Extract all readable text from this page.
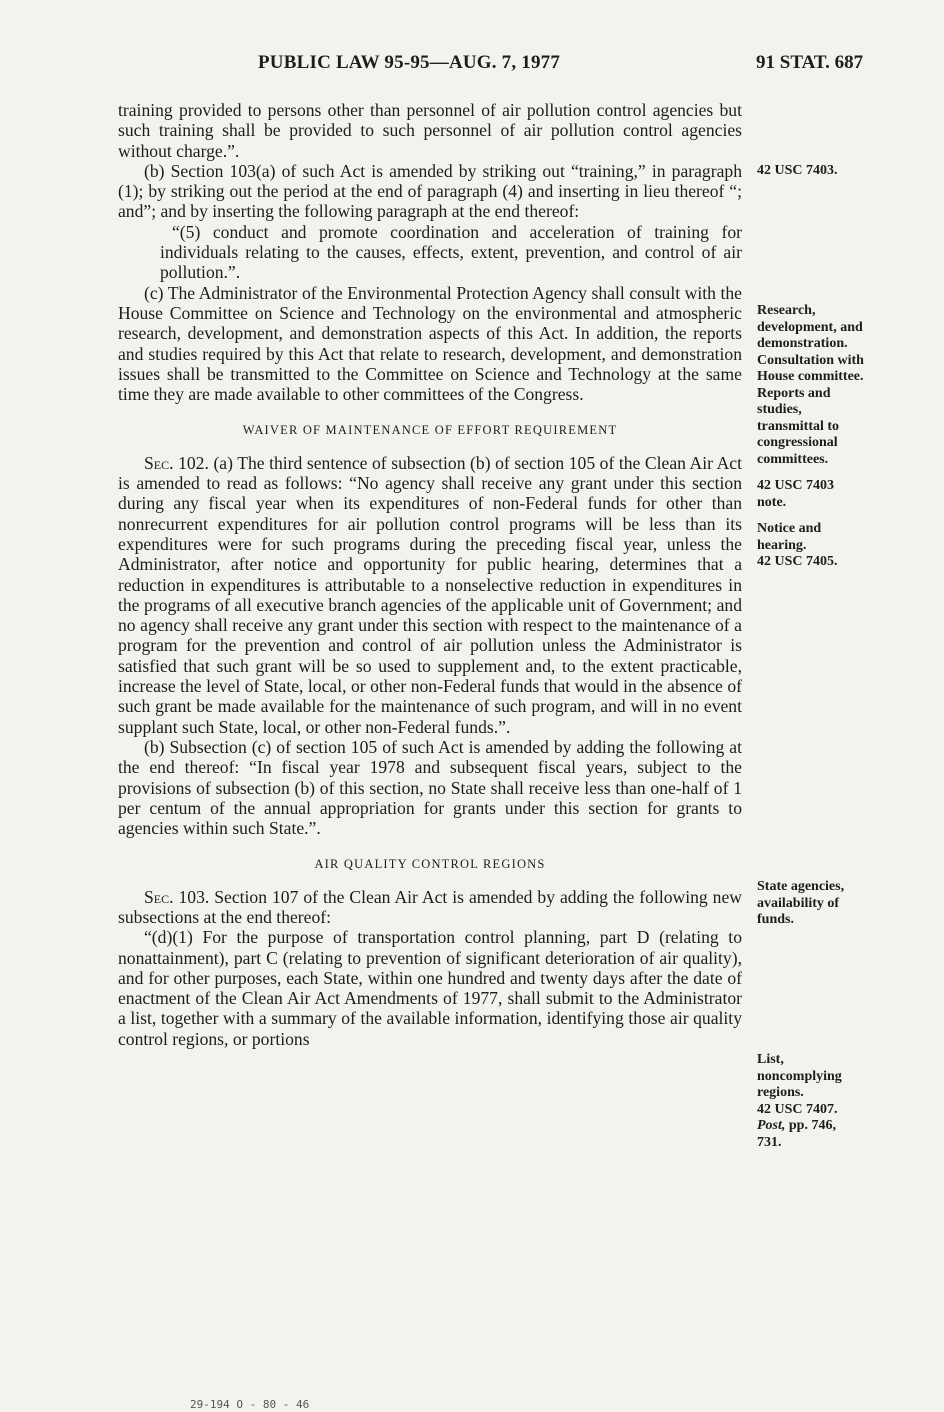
PUBLIC LAW 95-95—AUG. 7, 1977	91 STAT. 687

training provided to persons other than personnel of air pollution control agencies but such training shall be provided to such personnel of air pollution control agencies without charge.”.

(b) Section 103(a) of such Act is amended by striking out “training,” in paragraph (1); by striking out the period at the end of paragraph (4) and inserting in lieu thereof “; and”; and by inserting the following paragraph at the end thereof:

“(5) conduct and promote coordination and acceleration of training for individuals relating to the causes, effects, extent, prevention, and control of air pollution.”.

(c) The Administrator of the Environmental Protection Agency shall consult with the House Committee on Science and Technology on the environmental and atmospheric research, development, and demonstration aspects of this Act. In addition, the reports and studies required by this Act that relate to research, development, and demonstration issues shall be transmitted to the Committee on Science and Technology at the same time they are made available to other committees of the Congress.

WAIVER OF MAINTENANCE OF EFFORT REQUIREMENT

Sec. 102. (a) The third sentence of subsection (b) of section 105 of the Clean Air Act is amended to read as follows: “No agency shall receive any grant under this section during any fiscal year when its expenditures of non-Federal funds for other than nonrecurrent expenditures for air pollution control programs will be less than its expenditures were for such programs during the preceding fiscal year, unless the Administrator, after notice and opportunity for public hearing, determines that a reduction in expenditures is attributable to a nonselective reduction in expenditures in the programs of all executive branch agencies of the applicable unit of Government; and no agency shall receive any grant under this section with respect to the maintenance of a program for the prevention and control of air pollution unless the Administrator is satisfied that such grant will be so used to supplement and, to the extent practicable, increase the level of State, local, or other non-Federal funds that would in the absence of such grant be made available for the maintenance of such program, and will in no event supplant such State, local, or other non-Federal funds.”.

(b) Subsection (c) of section 105 of such Act is amended by adding the following at the end thereof: “In fiscal year 1978 and subsequent fiscal years, subject to the provisions of subsection (b) of this section, no State shall receive less than one-half of 1 per centum of the annual appropriation for grants under this section for grants to agencies within such State.”.

AIR QUALITY CONTROL REGIONS

Sec. 103. Section 107 of the Clean Air Act is amended by adding the following new subsections at the end thereof:

“(d)(1) For the purpose of transportation control planning, part D (relating to nonattainment), part C (relating to prevention of significant deterioration of air quality), and for other purposes, each State, within one hundred and twenty days after the date of enactment of the Clean Air Act Amendments of 1977, shall submit to the Administrator a list, together with a summary of the available information, identifying those air quality control regions, or portions

42 USC 7403.
Research,
development, and
demonstration.
Consultation with
House committee.
Reports and
studies,
transmittal to
congressional
committees.
42 USC 7403
note.
Notice and
hearing.
42 USC 7405.
State agencies,
availability of
funds.
List,
noncomplying
regions.
42 USC 7407.
Post, pp. 746,
731.
29-194 O - 80 - 46
